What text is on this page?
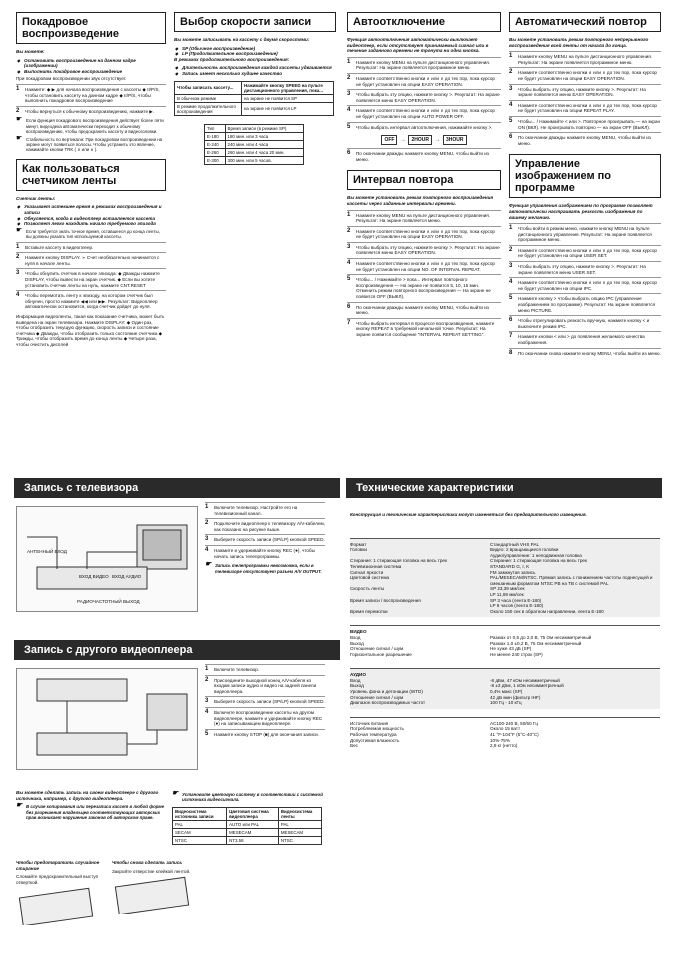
Покадровое воспроизведение
Вы можете:
◆ Остановить воспроизведение на данном кадре (изображении)
◆ Выполнить покадровое воспроизведение
При покадровом воспроизведении звук отсутствует.
1	Нажмите: ◆ ▶ для начала воспроизведения с кассеты ◆ II/P/S, чтобы остановить кассету на данном кадре ◆ II/P/S, чтобы выполнить покадровое воспроизведение
2	Чтобы вернуться к обычному воспроизведению, нажмите ▶.
☛ Если функция покадрового воспроизведения действует более пяти минут, видеодека автоматически переходит к обычному воспроизведению, чтобы предохранить кассету и видеоголовки.
☛ Стабильность по вертикали: При покадровом воспроизведении на экране могут появиться полосы. Чтобы устранить это явление, нажимайте кнопки TRK ( ∨ или ∧ ).
Как пользоваться счетчиком ленты
Счетчик ленты:
◆ Указывает истекшее время в режимах воспроизведения и записи
◆ Обнуляется, когда в видеоплеер вставляется кассета
◆ Позволяет легко находить начало требуемого эпизода
☛ Если требуется знать точное время, оставшееся до конца ленты, вы должны указать тип используемой кассеты.
1	Вставьте кассету в видеоплеер.
2	Нажмите кнопку DISPLAY. ➢ Счет необязательно начинается с нуля в начале ленты.
3	Чтобы обнулить счетчик в начале эпизода: ◆ Дважды нажмите DISPLAY, чтобы вывести на экран счетчик. ◆ Если вы хотите установить счетчик ленты на нуль, нажмите CNT.RESET
4	Чтобы перемотать ленту к эпизоду, на котором счетчик был обнулен, просто нажмите ◀◀ или ▶▶. Результат: Видеоплеер автоматически остановится, когда счетчик дойдет до нуля.
Информация видеоленты, такая как показание счетчика, может быть выведена на экран телевизора. Нажмите DISPLAY: ◆ Один раз, чтобы отобразить текущую функцию, скорость записи и состояние счетчика ◆ Дважды, чтобы отобразить только состояние счетчика ◆ Трижды, чтобы отобразить время до конца ленты ◆ Четыре раза, чтобы очистить дисплей
Выбор скорости записи
Вы можете записывать на кассету с двумя скоростями:
◆ SP (Обычное воспроизведение)
◆ LP (Продолжительное воспроизведение)
В режимах продолжительного воспроизведения:
◆ Длительность воспроизведения каждой кассеты удваивается
◆ Запись имеет несколько худшее качество
Чтобы записать кассету...	Нажимайте кнопку SPEED на пульте дистанционного управления, пока...
В обычном режиме	на экране не появится SP
В режиме продолжительного воспроизведения	на экране не появится LP
Тип	Время записи (в режиме SP)
E-180	180 мин. или 3 часа
E-240	240 мин. или 4 часа
E-260	260 мин. или 4 часа 20 мин.
E-300	300 мин. или 5 часов.
Автоотключение
Функция автоотключения автоматически выключает видеоплеер, если отсутствует принимаемый сигнал или в течение заданного времени не тронута ни одна кнопка.
1	Нажмите кнопку MENU на пульте дистанционного управления. Результат: На экране появляется программное меню.
2	Нажмите соответственно кнопки ∧ или ∨ до тех пор, пока курсор не будет установлен на опции EASY OPERATION.
3	Чтобы выбрать эту опцию, нажмите кнопку >. Результат: На экране появляется меню EASY OPERATION.
4	Нажмите соответственно кнопки ∧ или ∨ до тех пор, пока курсор не будет установлен на опции AUTO POWER OFF.
5	Чтобы выбрать интервал автоотключения, нажимайте кнопку >.
OFF	→	2HOUR	→	3HOUR
6	По окончании дважды нажмите кнопку MENU, чтобы выйти из меню.
Интервал повтора
Вы можете установить режим повторного воспроизведения кассеты через заданные интервалы времени.
1	Нажмите кнопку MENU на пульте дистанционного управления. Результат: На экране появляется меню.
2	Нажмите соответственно кнопки ∧ или ∨ до тех пор, пока курсор не будет установлен на опции EASY OPERATION.
3	Чтобы выбрать эту опцию, нажмите кнопку >. Результат: На экране появляется меню EASY OPERATION.
4	Нажмите соответственно кнопки ∧ или ∨ до тех пор, пока курсор не будет установлен на опции NO. OF INTERVAL REPEAT.
5	Чтобы... / Нажимайте > пока... Интервал повторного воспроизведения — На экране не появится 5, 10, 15 мин. Отменить режим повторного воспроизведения — На экране не появится OFF (ВЫКЛ).
6	По окончании дважды нажмите кнопку MENU, чтобы выйти из меню.
7	Чтобы выбрать интервал в процессе воспроизведения, нажмите кнопку REPEAT в требуемой начальной точке. Результат: На экране появится сообщение "INTERVAL REPEAT SETTING".
Автоматический повтор
Вы можете установить режим повторного непрерывного воспроизведения всей ленты от начала до конца.
1	Нажмите кнопку MENU на пульте дистанционного управления. Результат: На экране появляется программное меню.
2	Нажмите соответственно кнопки ∧ или ∨ до тех пор, пока курсор не будет установлен на опции EASY OPERATION.
3	Чтобы выбрать эту опцию, нажмите кнопку >. Результат: На экране появляется меню EASY OPERATION.
4	Нажмите соответственно кнопки ∧ или ∨ до тех пор, пока курсор не будет установлен на опции REPEAT PLAY.
5	Чтобы... / Нажимайте < или >. Повторное проигрывать — на экран ON (ВКЛ). Не проигрывать повторно — на экран OFF (ВЫКЛ).
6	По окончании дважды нажмите кнопку MENU, чтобы выйти из меню.
Управление изображением по программе
Функция управления изображением по программе позволяет автоматически настраивать резкость изображения по вашему желанию.
1	Чтобы войти в режим меню, нажмите кнопку MENU на пульте дистанционного управления. Результат: На экране появляется программное меню.
2	Нажмите соответственно кнопки ∧ или ∨ до тех пор, пока курсор не будет установлен на опции USER SET.
3	Чтобы выбрать эту опцию, нажмите кнопку >. Результат: На экране появляется меню USER SET.
4	Нажмите соответственно кнопки ∧ или ∨ до тех пор, пока курсор не будет установлен на опции IPC.
5	Нажмите кнопку > чтобы выбрать опцию IPC (управление изображением по программе). Результат: На экране появляется меню PICTURE.
6	Чтобы отрегулировать резкость вручную, нажмите кнопку < и выключите режим IPC.
7	Нажмите кнопки < или > до появления желаемого качества изображения.
8	По окончании снова нажмите кнопку MENU, чтобы выйти из меню.
Запись с телевизора
АНТЕННЫЙ ВХОД
ВХОД ВИДЕО ВХОД АУДИО
РАДИОЧАСТОТНЫЙ ВЫХОД
1	Включите телевизор. Настройте его на телевизионный канал.
2	Подключите видеоплеер к телевизору A/V-кабелем, как показано на рисунке выше.
3	Выберите скорость записи (SP/LP) кнопкой SPEED.
4	Нажмите и удерживайте кнопку REC (●), чтобы начать запись телепрограммы.
☛ Запись телепрограммы невозможна, если в телевизоре отсутствует разъем A/V OUTPUT.
Запись с другого видеоплеера
1	Включите телевизор.
2	Присоедините выходной конец A/V-кабеля ко входам записи аудио и видео на задней панели видеоплеера.
3	Выберите скорость записи (SP/LP) кнопкой SPEED.
4	Включите воспроизведение кассеты на другом видеоплеере, нажмите и удерживайте кнопку REC (●) на записывающем видеоплеере.
5	Нажмите кнопку STOP (■) для окончания записи.
Вы можете сделать запись на своем видеоплеере с другого источника, например, с другого видеоплеера.
☛ В случае копирования или перезаписи кассет в любой форме без разрешения владельцев соответствующих авторских прав возникает нарушение законов об авторском праве.
☛ Установите цветовую систему в соответствии с системой источника видеосигнала.
Видеосистема источника записи	Цветовая система видеоплеера	Видеосистема ленты
PAL	AUTO или PAL	PAL
SECAM	MESECAM	MESECAM
NTSC	NT3.58	NTSC
Чтобы предотвратить случайное стирание
Сломайте предохранительный выступ отверткой.
Чтобы снова сделать запись
Закройте отверстие клейкой лентой.
Технические характеристики
Конструкция и технические характеристики могут изменяться без предварительного извещения.
Формат	Стандартный VHS PAL
Головки	Видео: 2 вращающиеся головки
Аудио/управление: 1 неподвижная головка
Стирание: 1 стирающая головка на весь трек	Стирание: 1 стирающая головка на весь трек
Телевизионная система	STANDARD G, I, K
Сигнал яркости	FM замкнутая запись
Цветовой система	PAL/MESECAM/NTSC. Прямая запись с понижением частоты поднесущей и смешанным форматом NTSC PB на TB с системой PAL
Скорость ленты	SP 23,39 мм/сек
LP 11,69 мм/сек
Время записи / воспроизведения	SP 3 часа (лента E-180)
LP 6 часов (лента E-180)
Время перемотки	Около 150 сек в обратном направлении, лента E-180
ВИДЕО
Вход	Размах от 0,5 до 2,0 В, 75 Ом несимметричный
Выход	Размах 1,0 ±0,2 В, 75 Ом несимметричный
Отношение сигнал / шум	Не хуже 43 дБ (SP)
Горизонтальное разрешение	Не менее 240 строк (SP)
АУДИО
Вход	-8 дБм, 47 кОм несимметричный
Выход	-8 ±3 дБм, 1 кОм несимметричный
Уровень фона и детонации (WTD)	0,4% макс (SP)
Отношение сигнал / шум	42 дБ мин (фильтр IHF)
Диапазон воспроизводимых частот	100 Гц - 10 кГц
Источник питания	AC100-240 В, 50/60 Гц
Потребляемая мощность	Около 15 ватт
Рабочая температура	41 °F-104°F (5°C-40°C)
Допустимая влажность	10%-75%
Вес	2,8 кг (нетто)
